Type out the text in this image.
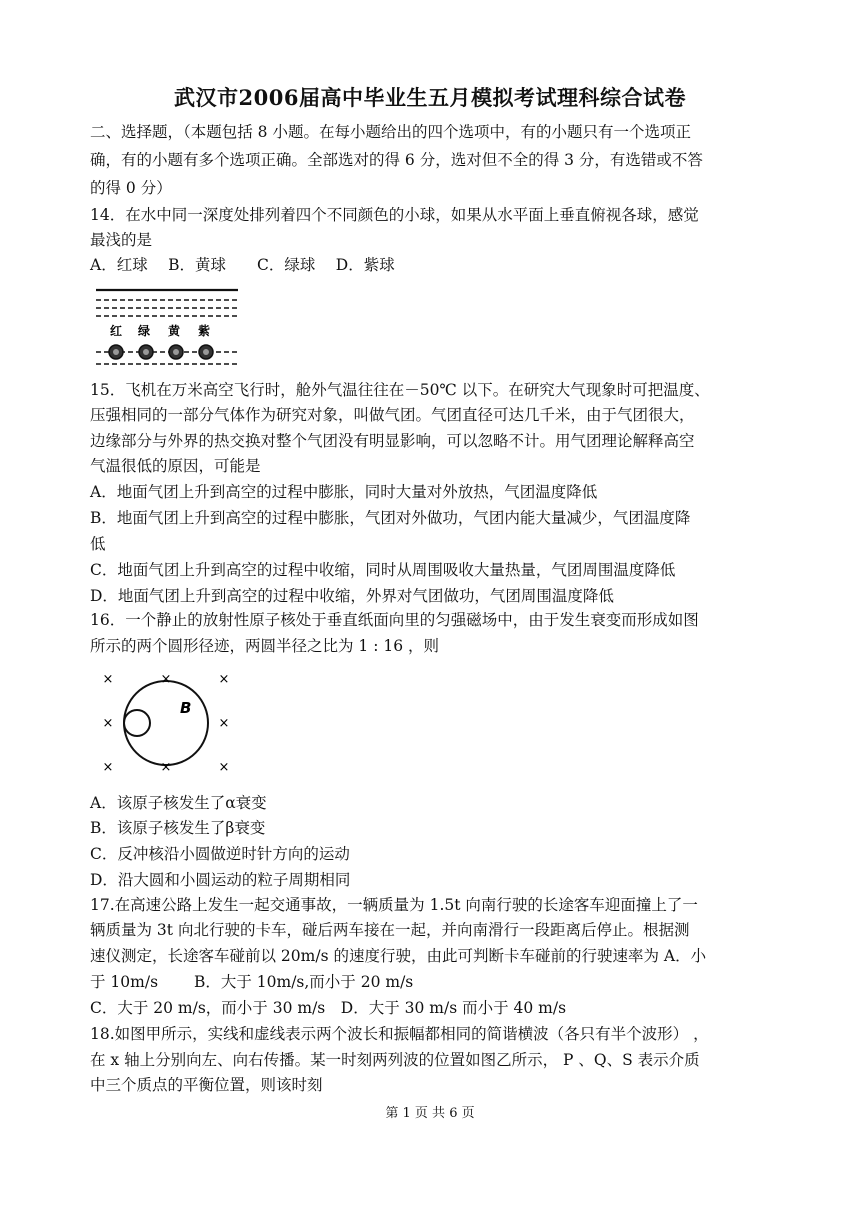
武汉市2006届高中毕业生五月模拟考试理科综合试卷
二、选择题，（本题包括 8 小题。在每小题给出的四个选项中，有的小题只有一个选项正
确，有的小题有多个选项正确。全部选对的得 6 分，选对但不全的得 3 分，有选错或不答
的得 0 分）
14．在水中同一深度处排列着四个不同颜色的小球，如果从水平面上垂直俯视各球，感觉
最浅的是
A．红球　 B．黄球　　C．绿球　 D．紫球
红 绿 黄 紫
15．飞机在万米高空飞行时，舱外气温往往在－50℃ 以下。在研究大气现象时可把温度、
压强相同的一部分气体作为研究对象，叫做气团。气团直径可达几千米，由于气团很大，
边缘部分与外界的热交换对整个气团没有明显影响，可以忽略不计。用气团理论解释高空
气温很低的原因，可能是
A．地面气团上升到高空的过程中膨胀，同时大量对外放热，气团温度降低
B．地面气团上升到高空的过程中膨胀，气团对外做功，气团内能大量减少，气团温度降
低
C．地面气团上升到高空的过程中收缩，同时从周围吸收大量热量，气团周围温度降低
D．地面气团上升到高空的过程中收缩，外界对气团做功，气团周围温度降低
16．一个静止的放射性原子核处于垂直纸面向里的匀强磁场中，由于发生衰变而形成如图
所示的两个圆形径迹，两圆半径之比为 1 : 16 ，则
B
×	×	×
×	×
×	×	×
A．该原子核发生了α衰变
B．该原子核发生了β衰变
C．反冲核沿小圆做逆时针方向的运动
D．沿大圆和小圆运动的粒子周期相同
17.在高速公路上发生一起交通事故，一辆质量为 1.5t 向南行驶的长途客车迎面撞上了一
辆质量为 3t 向北行驶的卡车，碰后两车接在一起，并向南滑行一段距离后停止。根据测
速仪测定，长途客车碰前以 20m/s 的速度行驶，由此可判断卡车碰前的行驶速率为 A．小
于 10m/s　　 B．大于 10m/s,而小于 20 m/s
C．大于 20 m/s，而小于 30 m/s　D．大于 30 m/s 而小于 40 m/s
18.如图甲所示，实线和虚线表示两个波长和振幅都相同的简谐横波（各只有半个波形） ，
在 x 轴上分别向左、向右传播。某一时刻两列波的位置如图乙所示， P 、Q、S 表示介质
中三个质点的平衡位置，则该时刻
第 1 页 共 6 页
